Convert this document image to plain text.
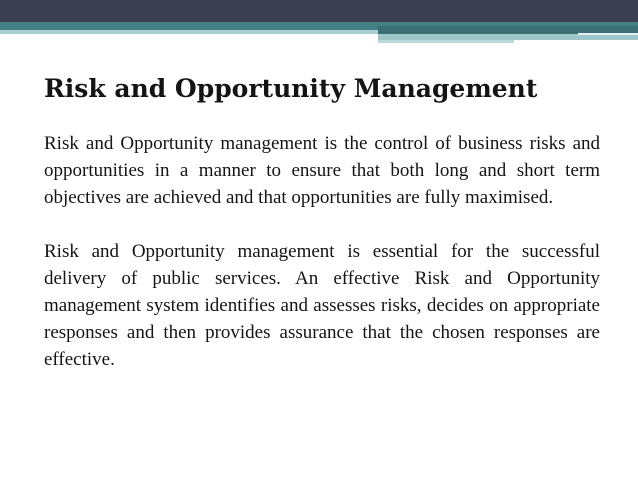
Risk and Opportunity Management

Risk and Opportunity management is the control of business risks and opportunities in a manner to ensure that both long and short term objectives are achieved and that opportunities are fully maximised.

Risk and Opportunity management is essential for the successful delivery of public services. An effective Risk and Opportunity management system identifies and assesses risks, decides on appropriate responses and then provides assurance that the chosen responses are effective.
